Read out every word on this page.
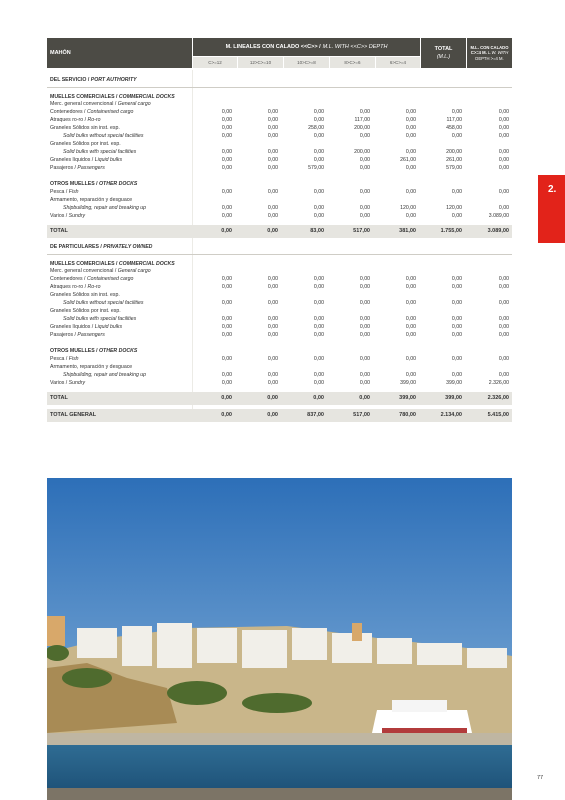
MAHÓN
M. LINEALES CON CALADO <<C>> / M.L. WITH <<C>> DEPTH	TOTAL
(M.L.)
M.L. CON CALADO
C>=4 M. L.W. WITH
DEPTH >=4 M.
C>=12	12>C>=10	10>C>=8	8>C>=6	6>C>=4
DEL SERVICIO / PORT AUTHORITY
MUELLES COMERCIALES / COMMERCIAL DOCKS
Merc. general convencional / General cargo
Contenedores / Containerised cargo	0,00	0,00	0,00	0,00	0,00	0,00	0,00
Atraques ro-ro / Ro-ro	0,00	0,00	0,00	117,00	0,00	117,00	0,00
Graneles Sólidos sin inst. esp.	0,00	0,00	258,00	200,00	0,00	458,00	0,00
Solid bulks without special facilities	0,00	0,00	0,00	0,00	0,00	0,00	0,00
Graneles Sólidos por inst. esp.
Solid bulks with special facilities	0,00	0,00	0,00	200,00	0,00	200,00	0,00
Graneles líquidos / Liquid bulks	0,00	0,00	0,00	0,00	261,00	261,00	0,00
Pasajeros / Passengers	0,00	0,00	579,00	0,00	0,00	579,00	0,00
OTROS MUELLES / OTHER DOCKS
Pesca / Fish	0,00	0,00	0,00	0,00	0,00	0,00	0,00
Armamento, reparación y desguace
Shipbuilding, repair and breaking up	0,00	0,00	0,00	0,00	120,00	120,00	0,00
Varios / Sundry	0,00	0,00	0,00	0,00	0,00	0,00	3.089,00
TOTAL	0,00	0,00	83,00	517,00	381,00	1.755,00	3.089,00
DE PARTICULARES / PRIVATELY OWNED
MUELLES COMERCIALES / COMMERCIAL DOCKS
Merc. general convencional / General cargo
Contenedores / Containerised cargo	0,00	0,00	0,00	0,00	0,00	0,00	0,00
Atraques ro-ro / Ro-ro	0,00	0,00	0,00	0,00	0,00	0,00	0,00
Graneles Sólidos sin inst. esp.
Solid bulks without special facilities	0,00	0,00	0,00	0,00	0,00	0,00	0,00
Graneles Sólidos por inst. esp.
Solid bulks with special facilities	0,00	0,00	0,00	0,00	0,00	0,00	0,00
Graneles líquidos / Liquid bulks	0,00	0,00	0,00	0,00	0,00	0,00	0,00
Pasajeros / Passengers	0,00	0,00	0,00	0,00	0,00	0,00	0,00
OTROS MUELLES / OTHER DOCKS
Pesca / Fish	0,00	0,00	0,00	0,00	0,00	0,00	0,00
Armamento, reparación y desguace
Shipbuilding, repair and breaking up	0,00	0,00	0,00	0,00	0,00	0,00	0,00
Varios / Sundry	0,00	0,00	0,00	0,00	399,00	399,00	2.326,00
TOTAL	0,00	0,00	0,00	0,00	399,00	399,00	2.326,00
TOTAL GENERAL	0,00	0,00	837,00	517,00	780,00	2.134,00	5.415,00
2.
77
